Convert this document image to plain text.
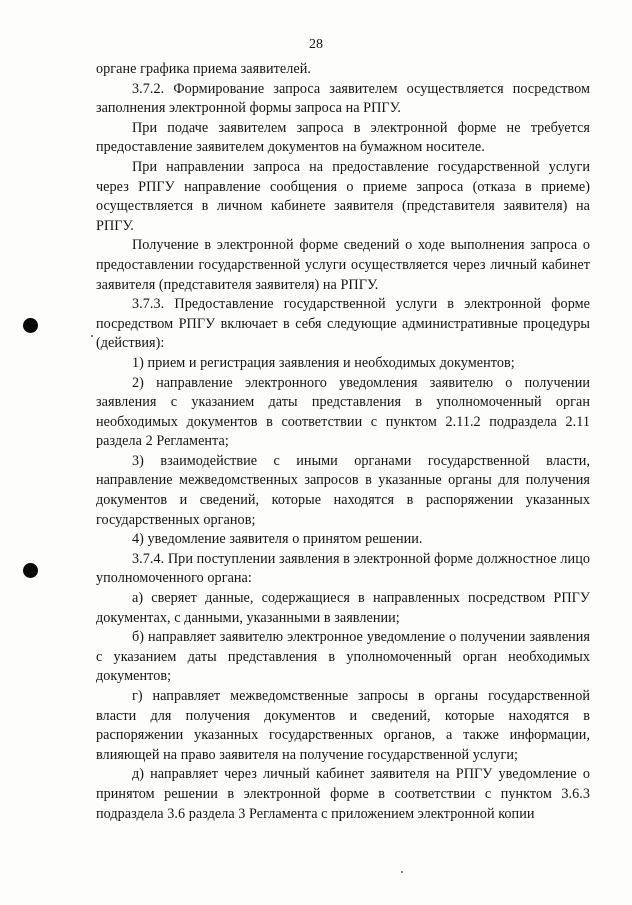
28

органе графика приема заявителей.

3.7.2. Формирование запроса заявителем осуществляется посредством заполнения электронной формы запроса на РПГУ.

При подаче заявителем запроса в электронной форме не требуется предоставление заявителем документов на бумажном носителе.

При направлении запроса на предоставление государственной услуги через РПГУ направление сообщения о приеме запроса (отказа в приеме) осуществляется в личном кабинете заявителя (представителя заявителя) на РПГУ.

Получение в электронной форме сведений о ходе выполнения запроса о предоставлении государственной услуги осуществляется через личный кабинет заявителя (представителя заявителя) на РПГУ.

3.7.3. Предоставление государственной услуги в электронной форме посредством РПГУ включает в себя следующие административные процедуры (действия):

1) прием и регистрация заявления и необходимых документов;

2) направление электронного уведомления заявителю о получении заявления с указанием даты представления в уполномоченный орган необходимых документов в соответствии с пунктом 2.11.2 подраздела 2.11 раздела 2 Регламента;

3) взаимодействие с иными органами государственной власти, направление межведомственных запросов в указанные органы для получения документов и сведений, которые находятся в распоряжении указанных государственных органов;

4) уведомление заявителя о принятом решении.

3.7.4. При поступлении заявления в электронной форме должностное лицо уполномоченного органа:

а) сверяет данные, содержащиеся в направленных посредством РПГУ документах, с данными, указанными в заявлении;

б) направляет заявителю электронное уведомление о получении заявления с указанием даты представления в уполномоченный орган необходимых документов;

г) направляет межведомственные запросы в органы государственной власти для получения документов и сведений, которые находятся в распоряжении указанных государственных органов, а также информации, влияющей на право заявителя на получение государственной услуги;

д) направляет через личный кабинет заявителя на РПГУ уведомление о принятом решении в электронной форме в соответствии с пунктом 3.6.3 подраздела 3.6 раздела 3 Регламента с приложением электронной копии
